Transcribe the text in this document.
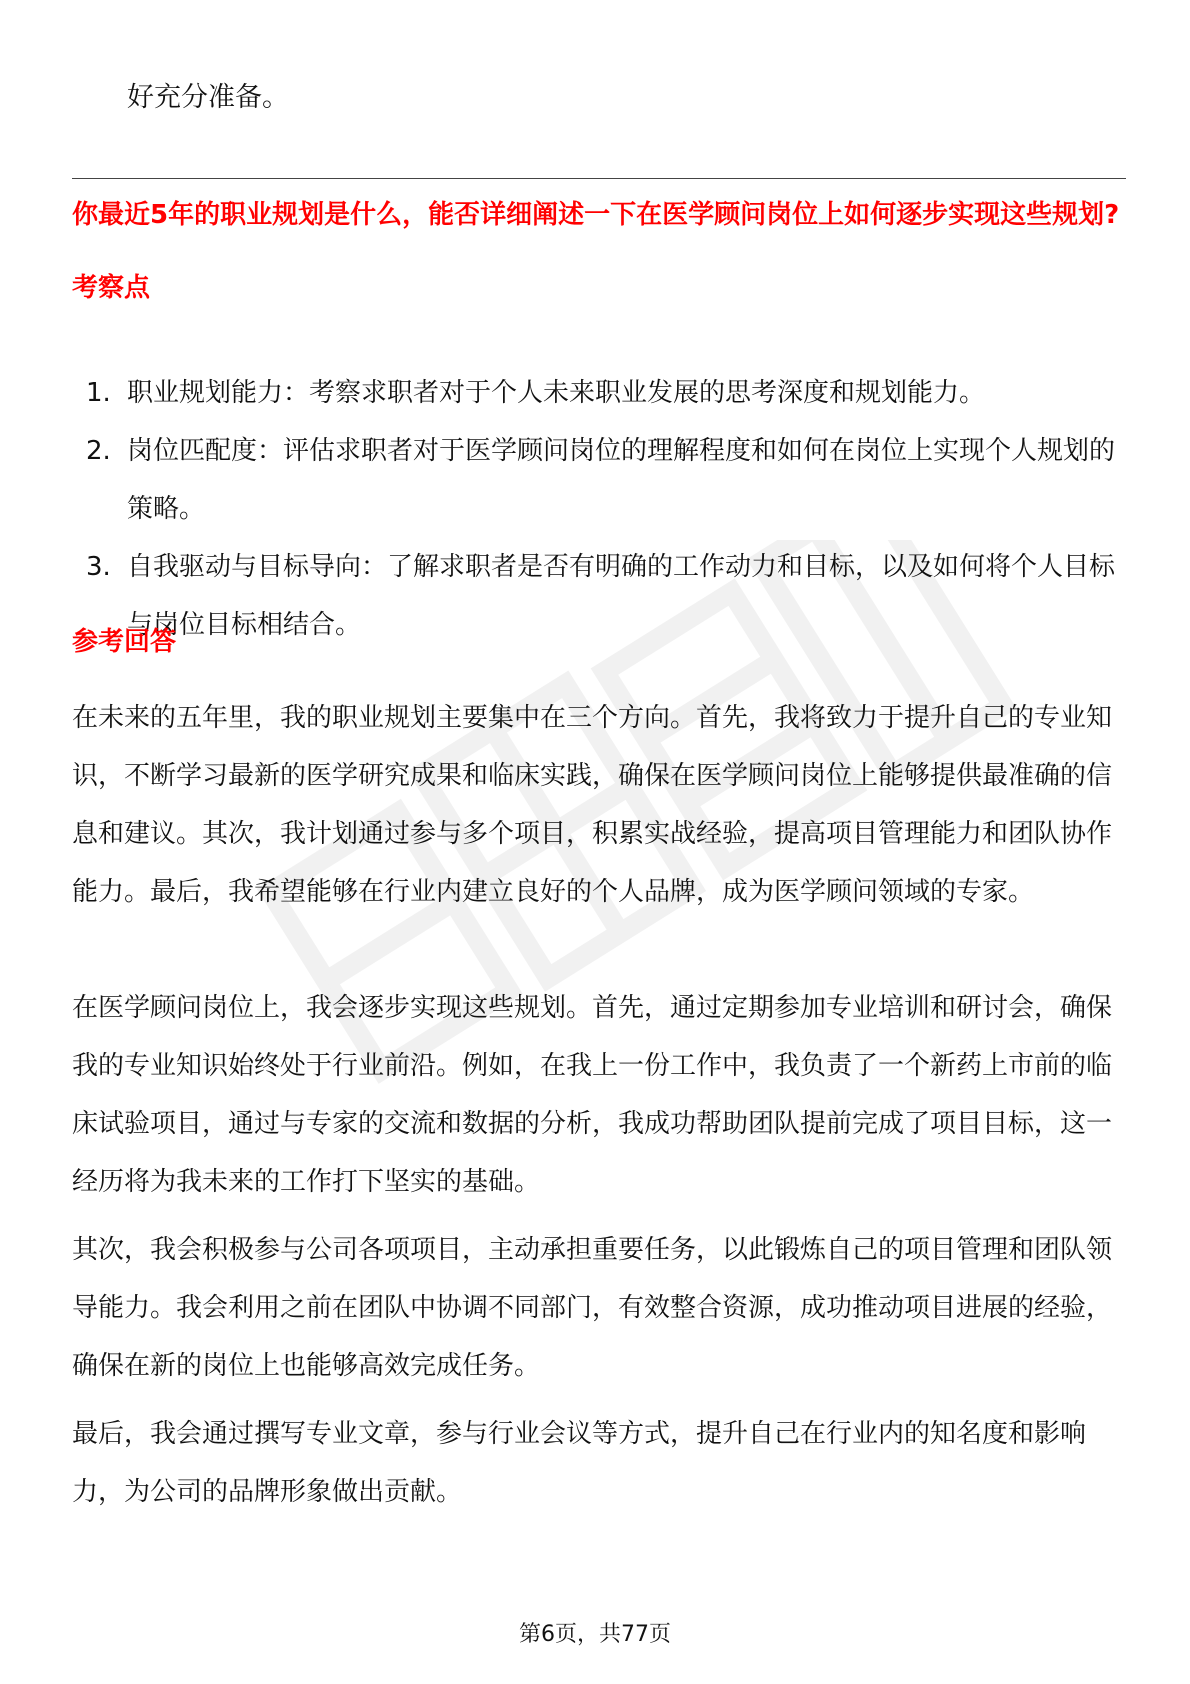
好充分准备。
你最近5年的职业规划是什么，能否详细阐述一下在医学顾问岗位上如何逐步实现这些规划?
考察点
1. 职业规划能力：考察求职者对于个人未来职业发展的思考深度和规划能力。
2. 岗位匹配度：评估求职者对于医学顾问岗位的理解程度和如何在岗位上实现个人规划的策略。
3. 自我驱动与目标导向：了解求职者是否有明确的工作动力和目标，以及如何将个人目标与岗位目标相结合。
参考回答

在未来的五年里，我的职业规划主要集中在三个方向。首先，我将致力于提升自己的专业知识，不断学习最新的医学研究成果和临床实践，确保在医学顾问岗位上能够提供最准确的信息和建议。其次，我计划通过参与多个项目，积累实战经验，提高项目管理能力和团队协作能力。最后，我希望能够在行业内建立良好的个人品牌，成为医学顾问领域的专家。

在医学顾问岗位上，我会逐步实现这些规划。首先，通过定期参加专业培训和研讨会，确保我的专业知识始终处于行业前沿。例如，在我上一份工作中，我负责了一个新药上市前的临床试验项目，通过与专家的交流和数据的分析，我成功帮助团队提前完成了项目目标，这一经历将为我未来的工作打下坚实的基础。

其次，我会积极参与公司各项项目，主动承担重要任务，以此锻炼自己的项目管理和团队领导能力。我会利用之前在团队中协调不同部门，有效整合资源，成功推动项目进展的经验，确保在新的岗位上也能够高效完成任务。

最后，我会通过撰写专业文章，参与行业会议等方式，提升自己在行业内的知名度和影响力，为公司的品牌形象做出贡献。

第6页，共77页
